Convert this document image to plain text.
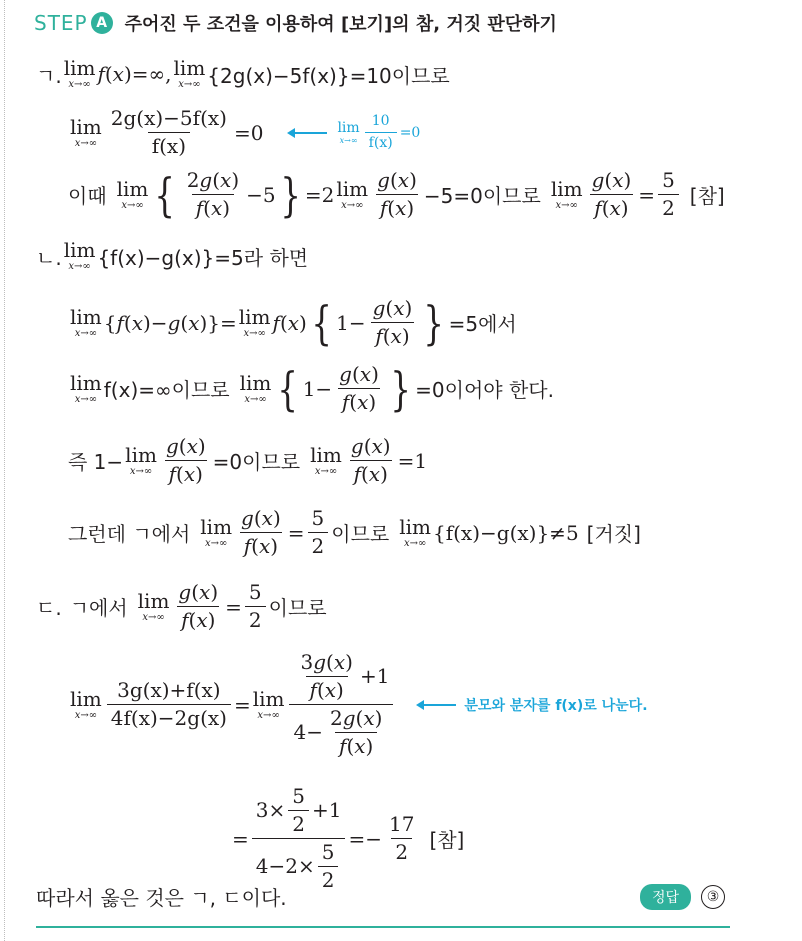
STEP A 주어진 두 조건을 이용하여 [보기]의 참, 거짓 판단하기
ㄱ. lim
x→∞ f(x)=∞, lim
x→∞ {2g(x)−5f(x)}=10이므로
lim
$x\to\infty \frac{2g(x)-5f(x)}{f(x)} =0$	lim
$x\to\infty \frac{10}{f(x)} =0$
이때 lim
x→∞ { $\frac{2g(x)}{f(x)} -5$ } =2 lim
$x\to\infty \frac{g(x)}{f(x)} -5=0$이므로 lim
$x\to\infty \frac{g(x)}{f(x)} = \frac{5}{2}$ [참]
ㄴ. lim
x→∞ {f(x)−g(x)}=5라 하면
lim
x→∞ {f(x)−g(x)}= lim
x→∞ f(x) { $1- \frac{g(x)}{f(x)}$ } =5에서
lim
x→∞ f(x)=∞이므로 lim
x→∞ { $1- \frac{g(x)}{f(x)}$ } =0이어야 한다.
즉 1− lim
$x\to\infty \frac{g(x)}{f(x)} =0$이므로 lim
$x\to\infty \frac{g(x)}{f(x)} =1$
그런데 ㄱ에서 lim
$x\to\infty \frac{g(x)}{f(x)} = \frac{5}{2}$ 이므로 lim
x→∞ {f(x)−g(x)}≠5 [거짓]
ㄷ. ㄱ에서 lim
$x\to\infty \frac{g(x)}{f(x)} = \frac{5}{2}$ 이므로
lim
$x\to\infty \frac{3g(x)+f(x)}{4f(x)-2g(x)} = \lim$
$x\to\infty \frac{\frac{3g(x)}{f(x)} +1}{4- \frac{2g(x)}{f(x)}}$	분모와 분자를 f(x)로 나눈다.
= $\frac{3\times \frac{5}{2} +1}{4-2\times \frac{5}{2}} =- \frac{17}{2}$ [참]
따라서 옳은 것은 ㄱ, ㄷ이다.	정답	③
